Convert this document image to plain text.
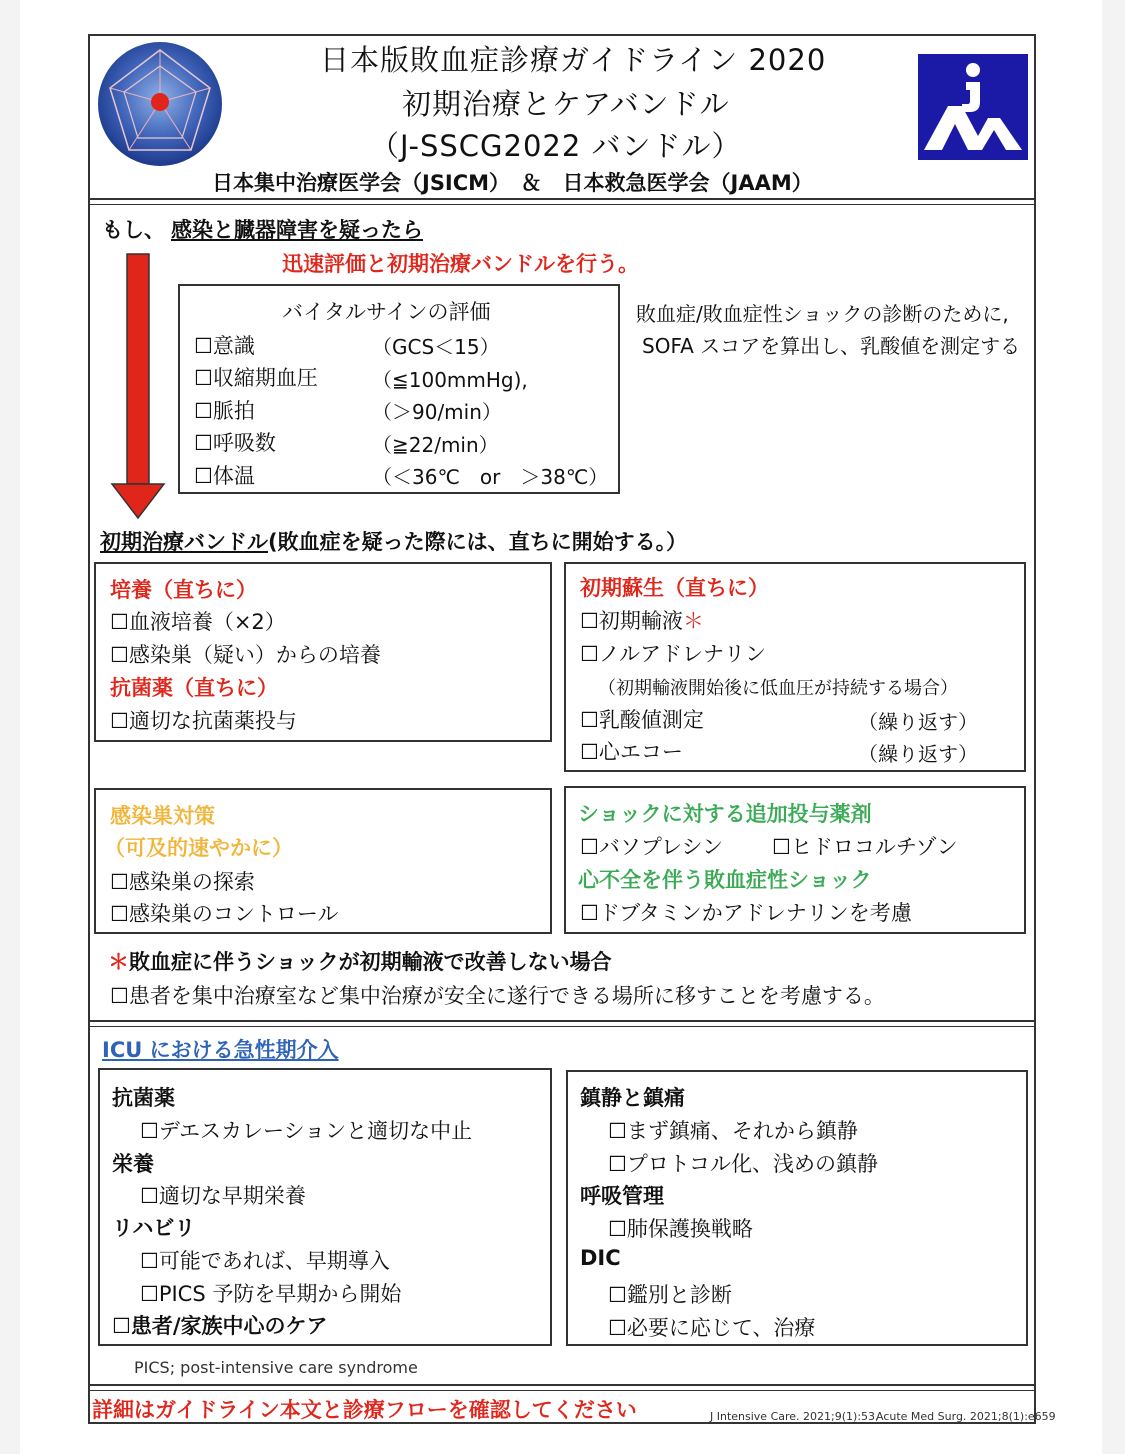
日本版敗血症診療ガイドライン 2020
初期治療とケアバンドル
（J-SSCG2022 バンドル）
日本集中治療医学会（JSICM）　＆　日本救急医学会（JAAM）
もし、 感染と臓器障害を疑ったら
迅速評価と初期治療バンドルを行う。
バイタルサインの評価
☐ 意識	（GCS＜15）
☐ 収縮期血圧	（≦100mmHg),
☐ 脈拍	（＞90/min）
☐ 呼吸数	（≧22/min）
☐ 体温	（＜36℃　or　＞38℃）
敗血症/敗血症性ショックの診断のために,
SOFA スコアを算出し、乳酸値を測定する
初期治療バンドル(敗血症を疑った際には、直ちに開始する。）
培養（直ちに）
☐ 血液培養（×2）
☐ 感染巣（疑い）からの培養
抗菌薬（直ちに）
☐ 適切な抗菌薬投与
初期蘇生（直ちに）
☐ 初期輸液＊
☐ ノルアドレナリン
（初期輸液開始後に低血圧が持続する場合）
☐ 乳酸値測定	（繰り返す）
☐ 心エコー	（繰り返す）
感染巣対策
（可及的速やかに）
☐ 感染巣の探索
☐ 感染巣のコントロール
ショックに対する追加投与薬剤
☐ バソプレシン
☐	ヒドロコルチゾン
心不全を伴う敗血症性ショック
☐ ドブタミンかアドレナリンを考慮
＊敗血症に伴うショックが初期輸液で改善しない場合
☐ 患者を集中治療室など集中治療が安全に遂行できる場所に移すことを考慮する。
ICU における急性期介入
抗菌薬
☐ デエスカレーションと適切な中止
栄養
☐ 適切な早期栄養
リハビリ
☐ 可能であれば、早期導入
☐ PICS 予防を早期から開始
☐ 患者/家族中心のケア
鎮静と鎮痛
☐ まず鎮痛、それから鎮静
☐ プロトコル化、浅めの鎮静
呼吸管理
☐ 肺保護換戦略
DIC
☐ 鑑別と診断
☐ 必要に応じて、治療
PICS; post-intensive care syndrome
詳細はガイドライン本文と診療フローを確認してください	J Intensive Care. 2021;9(1):53,
Acute Med Surg. 2021;8(1):e659
